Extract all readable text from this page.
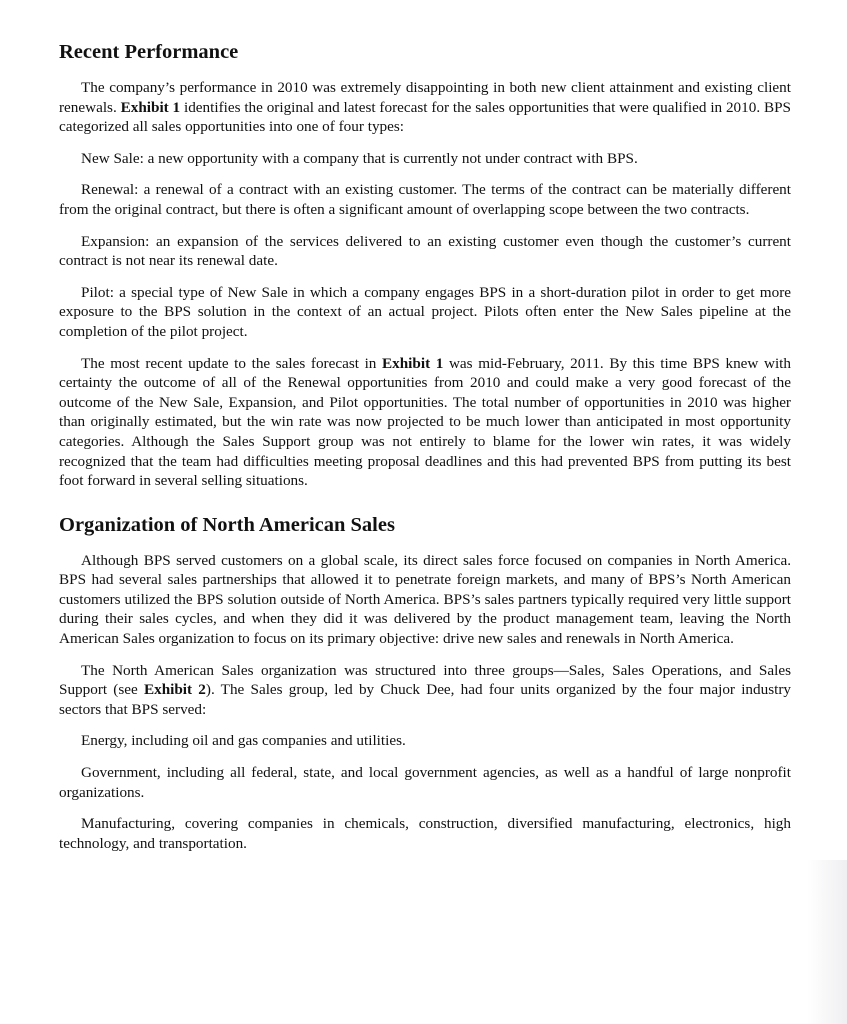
Recent Performance

The company’s performance in 2010 was extremely disappointing in both new client attainment and existing client renewals. Exhibit 1 identifies the original and latest forecast for the sales opportunities that were qualified in 2010. BPS categorized all sales opportunities into one of four types:

New Sale: a new opportunity with a company that is currently not under contract with BPS.

Renewal: a renewal of a contract with an existing customer. The terms of the contract can be materially different from the original contract, but there is often a significant amount of overlapping scope between the two contracts.

Expansion: an expansion of the services delivered to an existing customer even though the customer’s current contract is not near its renewal date.

Pilot: a special type of New Sale in which a company engages BPS in a short-duration pilot in order to get more exposure to the BPS solution in the context of an actual project. Pilots often enter the New Sales pipeline at the completion of the pilot project.

The most recent update to the sales forecast in Exhibit 1 was mid-February, 2011. By this time BPS knew with certainty the outcome of all of the Renewal opportunities from 2010 and could make a very good forecast of the outcome of the New Sale, Expansion, and Pilot opportunities. The total number of opportunities in 2010 was higher than originally estimated, but the win rate was now projected to be much lower than anticipated in most opportunity categories. Although the Sales Support group was not entirely to blame for the lower win rates, it was widely recognized that the team had difficulties meeting proposal deadlines and this had prevented BPS from putting its best foot forward in several selling situations.

Organization of North American Sales

Although BPS served customers on a global scale, its direct sales force focused on companies in North America. BPS had several sales partnerships that allowed it to penetrate foreign markets, and many of BPS’s North American customers utilized the BPS solution outside of North America. BPS’s sales partners typically required very little support during their sales cycles, and when they did it was delivered by the product management team, leaving the North American Sales organization to focus on its primary objective: drive new sales and renewals in North America.

The North American Sales organization was structured into three groups—Sales, Sales Operations, and Sales Support (see Exhibit 2). The Sales group, led by Chuck Dee, had four units organized by the four major industry sectors that BPS served:

Energy, including oil and gas companies and utilities.

Government, including all federal, state, and local government agencies, as well as a handful of large nonprofit organizations.

Manufacturing, covering companies in chemicals, construction, diversified manufacturing, electronics, high technology, and transportation.
